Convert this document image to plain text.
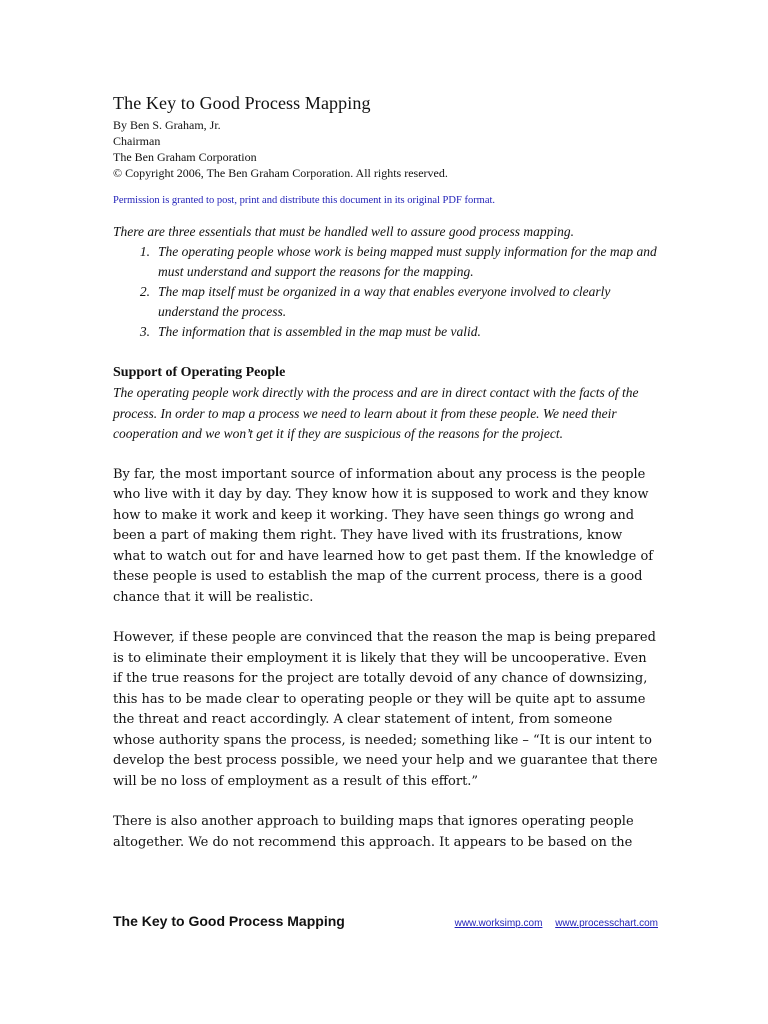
The Key to Good Process Mapping

By Ben S. Graham, Jr.

Chairman

The Ben Graham Corporation

© Copyright 2006, The Ben Graham Corporation. All rights reserved.

Permission is granted to post, print and distribute this document in its original PDF format.

There are three essentials that must be handled well to assure good process mapping.

1. The operating people whose work is being mapped must supply information for the map and must understand and support the reasons for the mapping.
2. The map itself must be organized in a way that enables everyone involved to clearly understand the process.
3. The information that is assembled in the map must be valid.
Support of Operating People

The operating people work directly with the process and are in direct contact with the facts of the process. In order to map a process we need to learn about it from these people. We need their cooperation and we won’t get it if they are suspicious of the reasons for the project.

By far, the most important source of information about any process is the people who live with it day by day. They know how it is supposed to work and they know how to make it work and keep it working. They have seen things go wrong and been a part of making them right. They have lived with its frustrations, know what to watch out for and have learned how to get past them. If the knowledge of these people is used to establish the map of the current process, there is a good chance that it will be realistic.

However, if these people are convinced that the reason the map is being prepared is to eliminate their employment it is likely that they will be uncooperative. Even if the true reasons for the project are totally devoid of any chance of downsizing, this has to be made clear to operating people or they will be quite apt to assume the threat and react accordingly. A clear statement of intent, from someone whose authority spans the process, is needed; something like – “It is our intent to develop the best process possible, we need your help and we guarantee that there will be no loss of employment as a result of this effort.”

There is also another approach to building maps that ignores operating people altogether. We do not recommend this approach. It appears to be based on the

The Key to Good Process Mapping	www.worksimp.com www.processchart.com
